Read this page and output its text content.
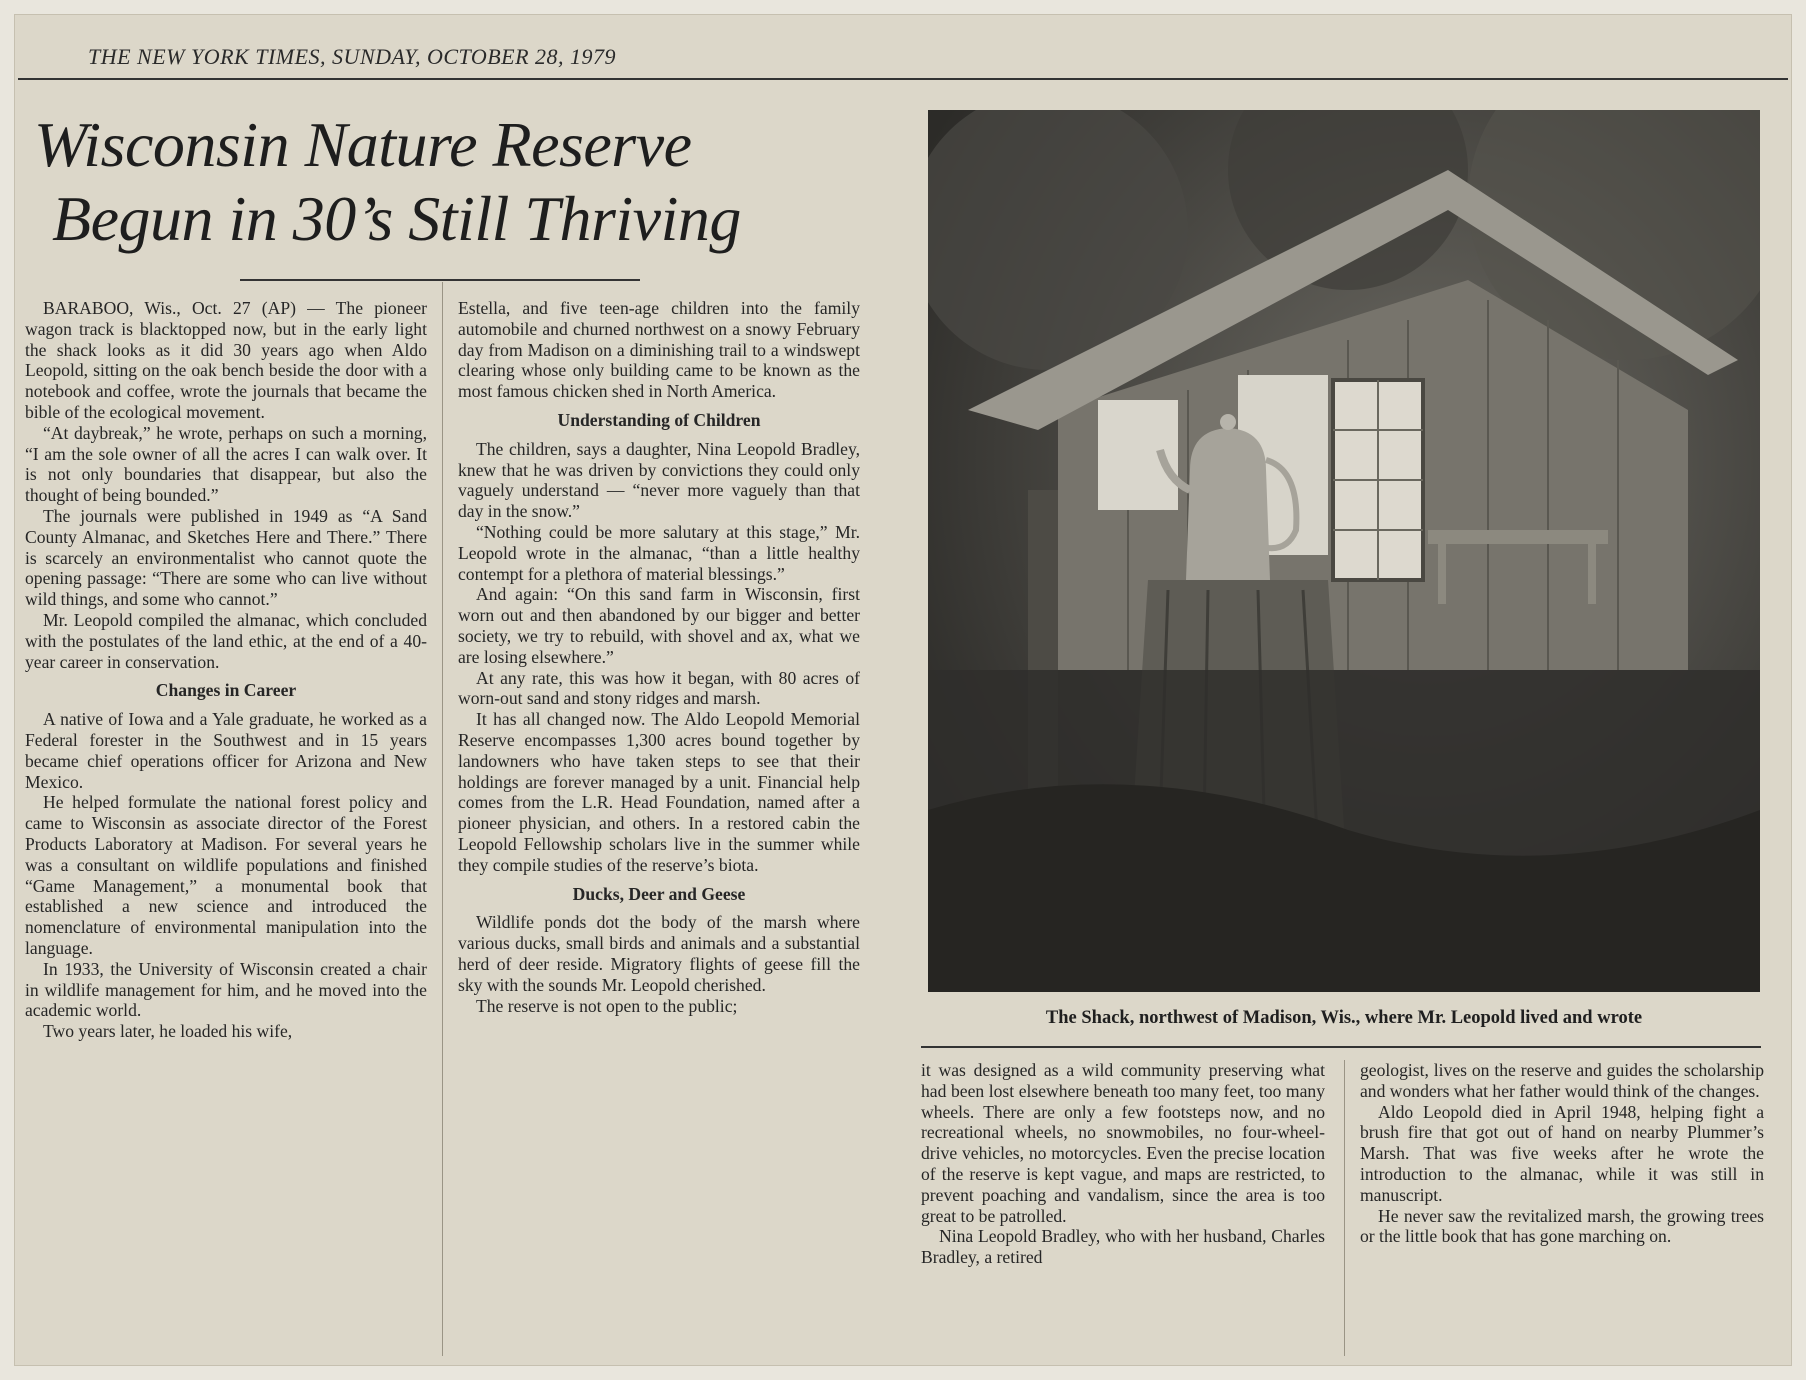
THE NEW YORK TIMES, SUNDAY, OCTOBER 28, 1979
Wisconsin Nature Reserve
Begun in 30’s Still Thriving

BARABOO, Wis., Oct. 27 (AP) — The pioneer wagon track is blacktopped now, but in the early light the shack looks as it did 30 years ago when Aldo Leopold, sitting on the oak bench beside the door with a notebook and coffee, wrote the journals that became the bible of the ecological movement.

“At daybreak,” he wrote, perhaps on such a morning, “I am the sole owner of all the acres I can walk over. It is not only boundaries that disappear, but also the thought of being bounded.”

The journals were published in 1949 as “A Sand County Almanac, and Sketches Here and There.” There is scarcely an environmentalist who cannot quote the opening passage: “There are some who can live without wild things, and some who cannot.”

Mr. Leopold compiled the almanac, which concluded with the postulates of the land ethic, at the end of a 40-year career in conservation.

Changes in Career

A native of Iowa and a Yale graduate, he worked as a Federal forester in the Southwest and in 15 years became chief operations officer for Arizona and New Mexico.

He helped formulate the national forest policy and came to Wisconsin as associate director of the Forest Products Laboratory at Madison. For several years he was a consultant on wildlife populations and finished “Game Management,” a monumental book that established a new science and introduced the nomenclature of environmental manipulation into the language.

In 1933, the University of Wisconsin created a chair in wildlife management for him, and he moved into the academic world.

Two years later, he loaded his wife,

Estella, and five teen-age children into the family automobile and churned northwest on a snowy February day from Madison on a diminishing trail to a windswept clearing whose only building came to be known as the most famous chicken shed in North America.

Understanding of Children

The children, says a daughter, Nina Leopold Bradley, knew that he was driven by convictions they could only vaguely understand — “never more vaguely than that day in the snow.”

“Nothing could be more salutary at this stage,” Mr. Leopold wrote in the almanac, “than a little healthy contempt for a plethora of material blessings.”

And again: “On this sand farm in Wisconsin, first worn out and then abandoned by our bigger and better society, we try to rebuild, with shovel and ax, what we are losing elsewhere.”

At any rate, this was how it began, with 80 acres of worn-out sand and stony ridges and marsh.

It has all changed now. The Aldo Leopold Memorial Reserve encompasses 1,300 acres bound together by landowners who have taken steps to see that their holdings are forever managed by a unit. Financial help comes from the L.R. Head Foundation, named after a pioneer physician, and others. In a restored cabin the Leopold Fellowship scholars live in the summer while they compile studies of the reserve’s biota.

Ducks, Deer and Geese

Wildlife ponds dot the body of the marsh where various ducks, small birds and animals and a substantial herd of deer reside. Migratory flights of geese fill the sky with the sounds Mr. Leopold cherished.

The reserve is not open to the public;

The Shack, northwest of Madison, Wis., where Mr. Leopold lived and wrote

it was designed as a wild community preserving what had been lost elsewhere beneath too many feet, too many wheels. There are only a few footsteps now, and no recreational wheels, no snowmobiles, no four-wheel-drive vehicles, no motorcycles. Even the precise location of the reserve is kept vague, and maps are restricted, to prevent poaching and vandalism, since the area is too great to be patrolled.

Nina Leopold Bradley, who with her husband, Charles Bradley, a retired

geologist, lives on the reserve and guides the scholarship and wonders what her father would think of the changes.

Aldo Leopold died in April 1948, helping fight a brush fire that got out of hand on nearby Plummer’s Marsh. That was five weeks after he wrote the introduction to the almanac, while it was still in manuscript.

He never saw the revitalized marsh, the growing trees or the little book that has gone marching on.
